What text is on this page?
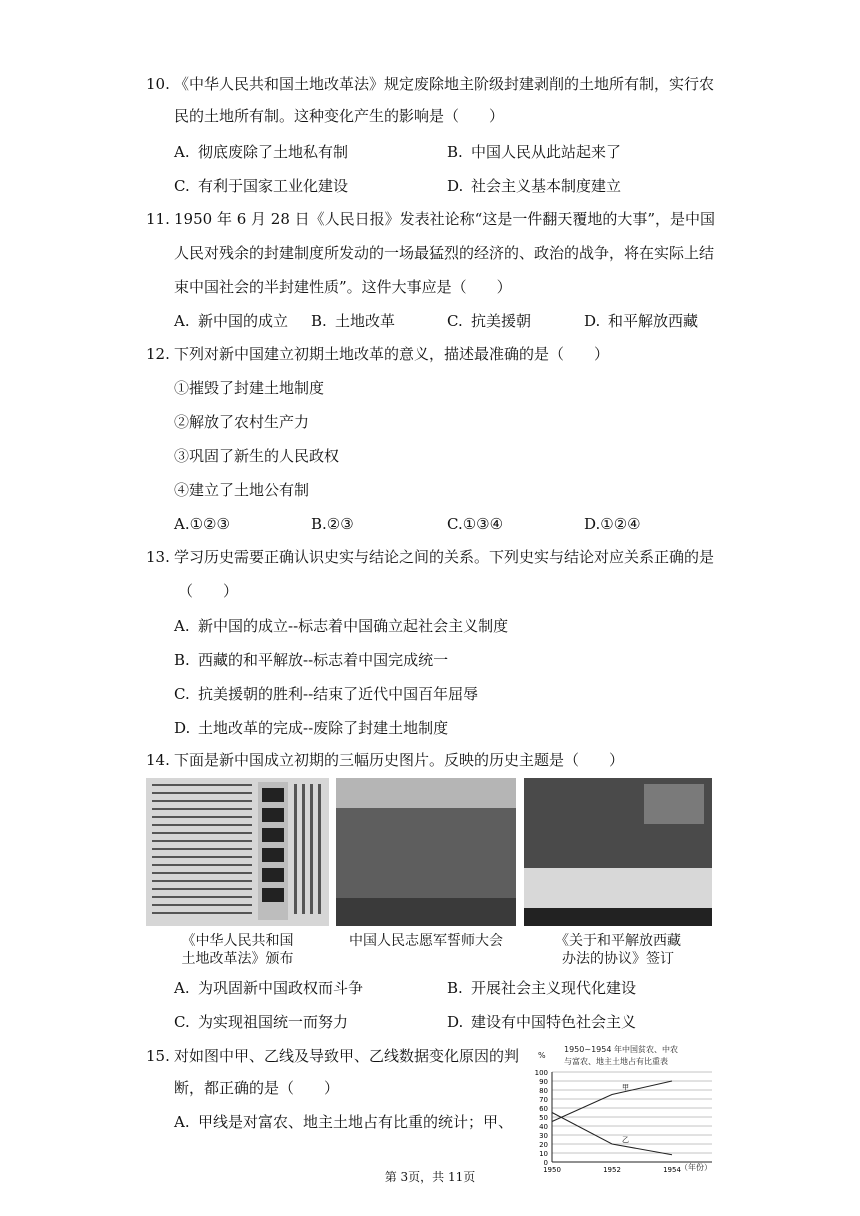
10. 《中华人民共和国土地改革法》规定废除地主阶级封建剥削的土地所有制，实行农
民的土地所有制。这种变化产生的影响是（　　）
A. 彻底废除了土地私有制	B. 中国人民从此站起来了
C. 有利于国家工业化建设	D. 社会主义基本制度建立
11. 1950 年 6 月 28 日《人民日报》发表社论称“这是一件翻天覆地的大事”，是中国
人民对残余的封建制度所发动的一场最猛烈的经济的、政治的战争，将在实际上结
束中国社会的半封建性质”。这件大事应是（　　）
A. 新中国的成立 B. 土地改革	C. 抗美援朝	D. 和平解放西藏
12. 下列对新中国建立初期土地改革的意义，描述最准确的是（　　）
①摧毁了封建土地制度
②解放了农村生产力
③巩固了新生的人民政权
④建立了土地公有制
A.①②③	B.②③	C.①③④	D.①②④
13. 学习历史需要正确认识史实与结论之间的关系。下列史实与结论对应关系正确的是
（　　）
A. 新中国的成立--标志着中国确立起社会主义制度
B. 西藏的和平解放--标志着中国完成统一
C. 抗美援朝的胜利--结束了近代中国百年屈辱
D. 土地改革的完成--废除了封建土地制度
14. 下面是新中国成立初期的三幅历史图片。反映的历史主题是（　　）
《中华人民共和国
土地改革法》颁布
中国人民志愿军誓师大会	《关于和平解放西藏
办法的协议》签订
A. 为巩固新中国政权而斗争	B. 开展社会主义现代化建设
C. 为实现祖国统一而努力	D. 建设有中国特色社会主义
15. 对如图中甲、乙线及导致甲、乙线数据变化原因的判
断，都正确的是（　　）
A. 甲线是对富农、地主土地占有比重的统计；甲、
1950~1954 年中国贫农、中农
与富农、地主土地占有比重表
%
0
10
20
30
40
50
60
70
80
90
100
1950	1952	1954
甲
乙
（年份）
第 3页，共 11页
